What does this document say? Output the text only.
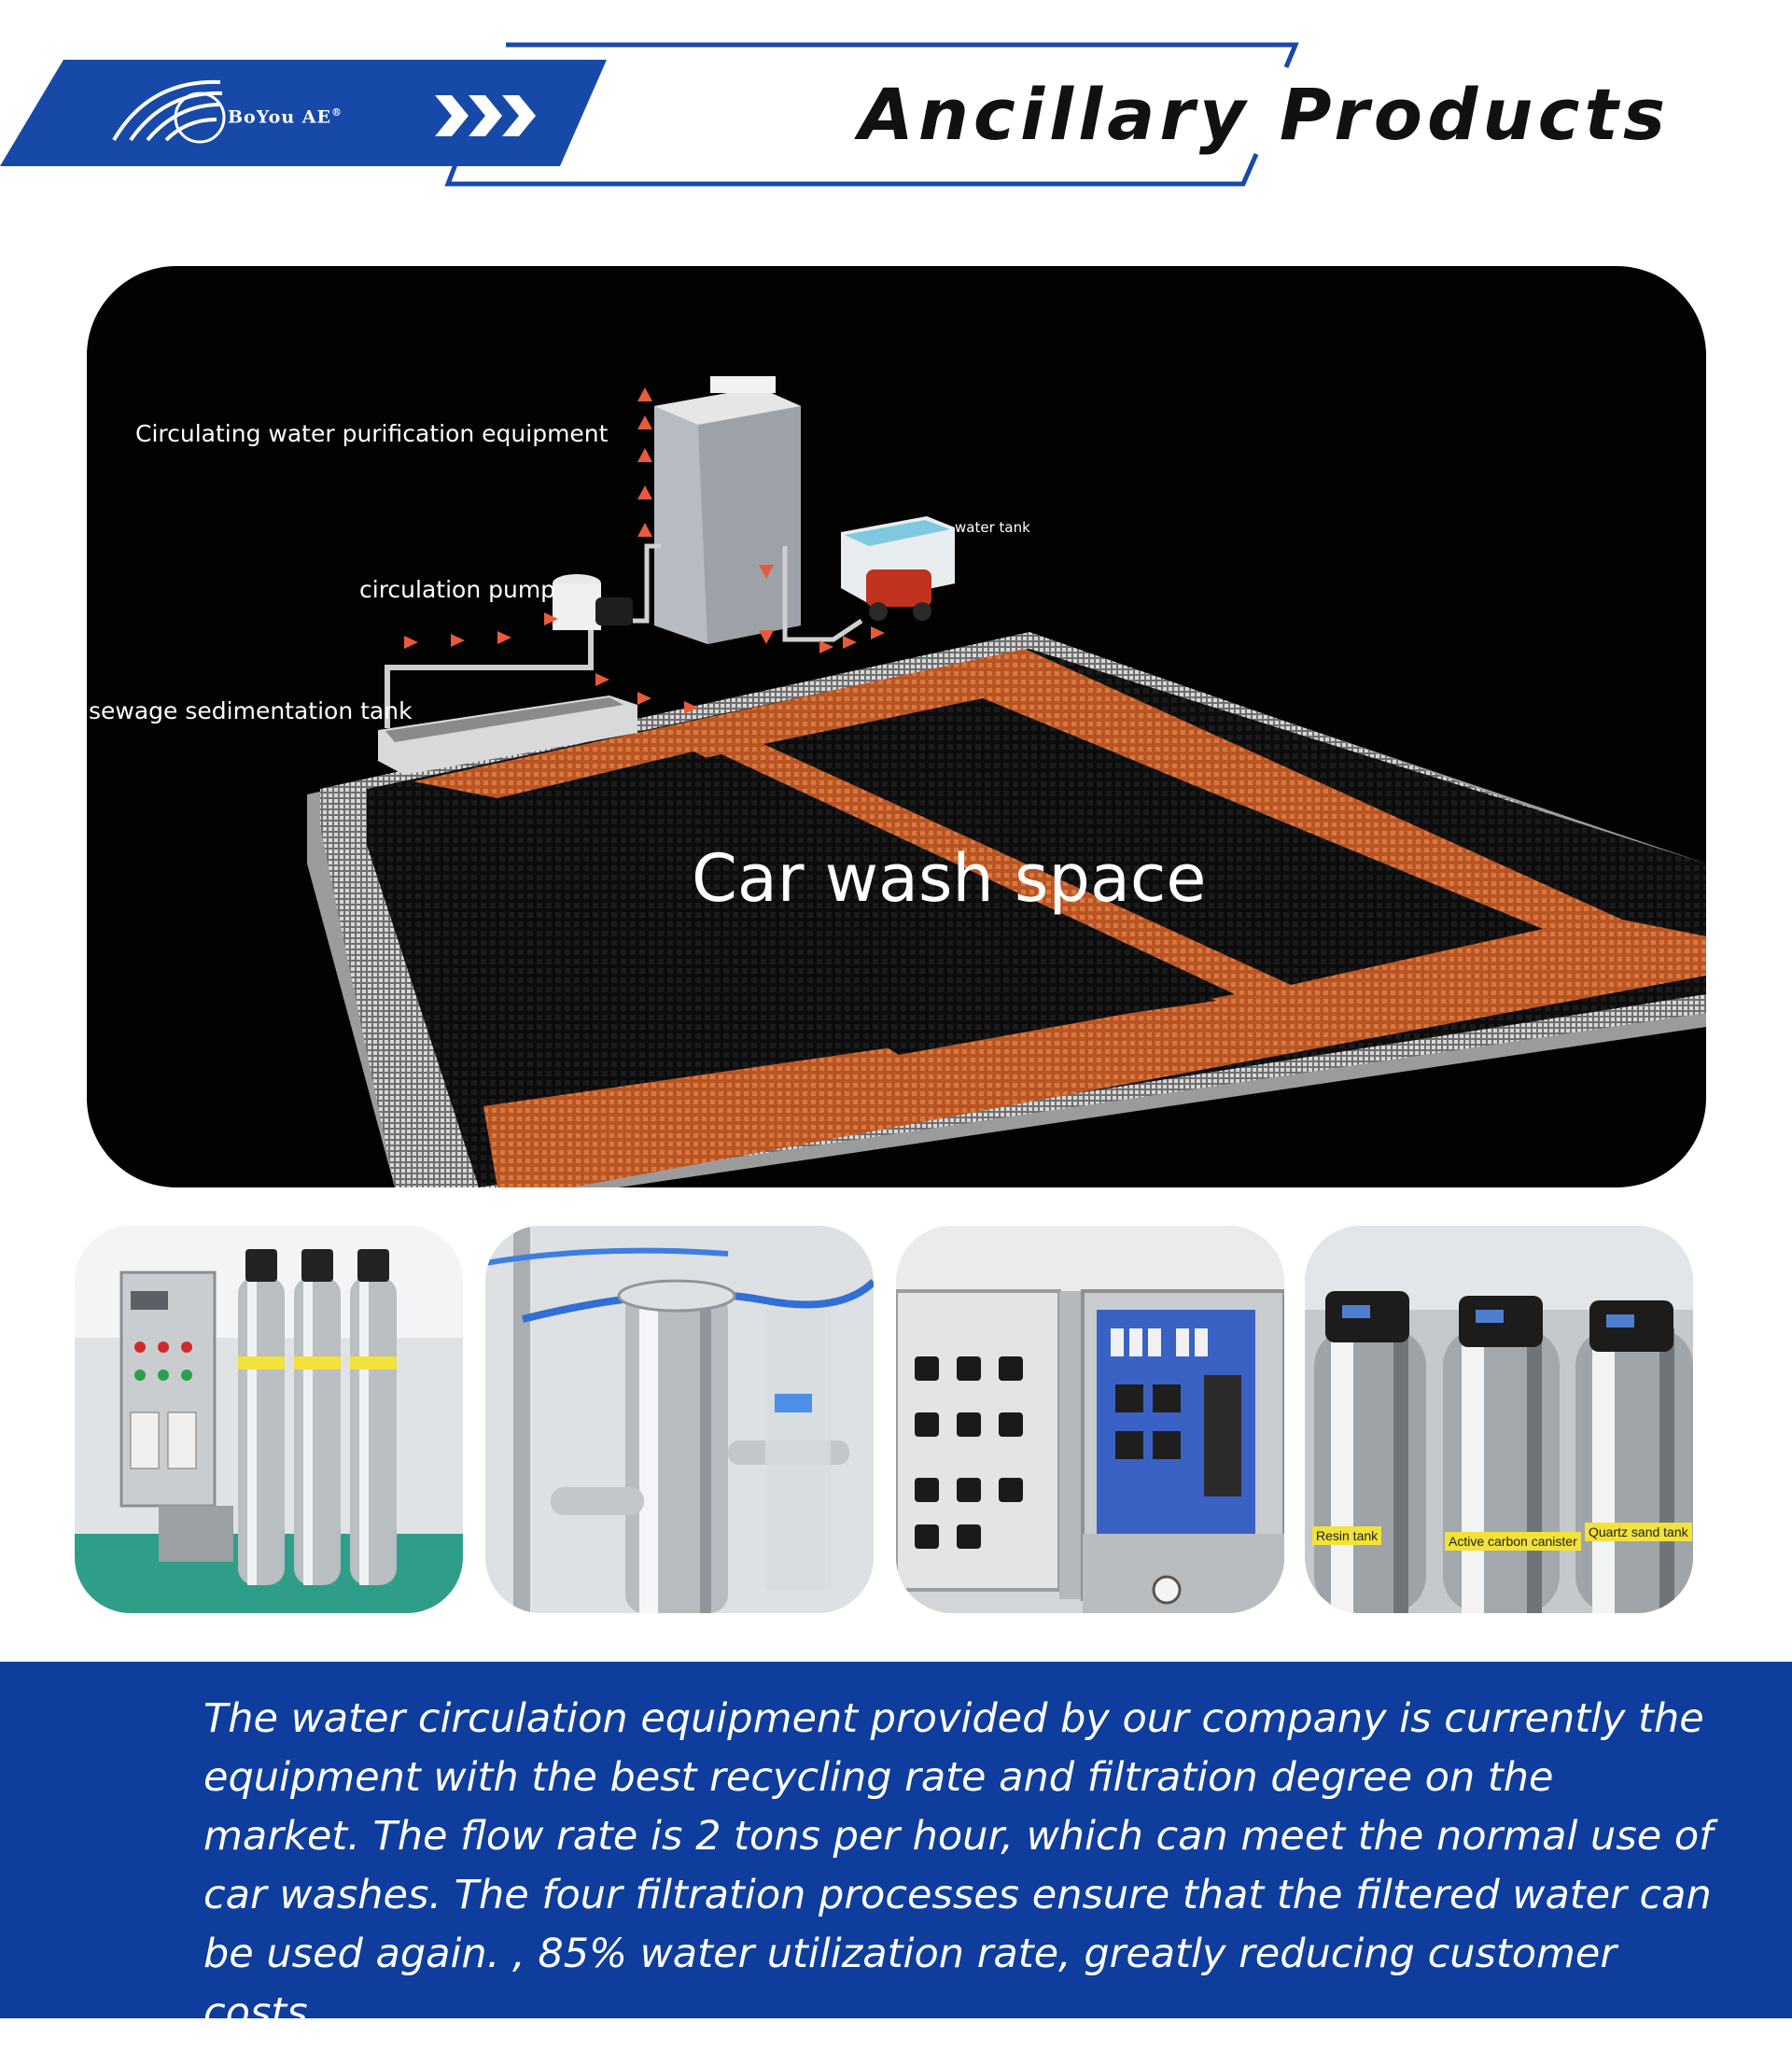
BoYou AE®	Ancillary Products
Circulating water purification equipment
water tank
circulation pump
sewage sedimentation tank
Car wash space
Resin tank	Active carbon canister
Quartz sand tank

The water circulation equipment provided by our company is currently the equipment with the best recycling rate and filtration degree on the market. The flow rate is 2 tons per hour, which can meet the normal use of car washes. The four filtration processes ensure that the filtered water can be used again. , 85% water utilization rate, greatly reducing customer costs.
